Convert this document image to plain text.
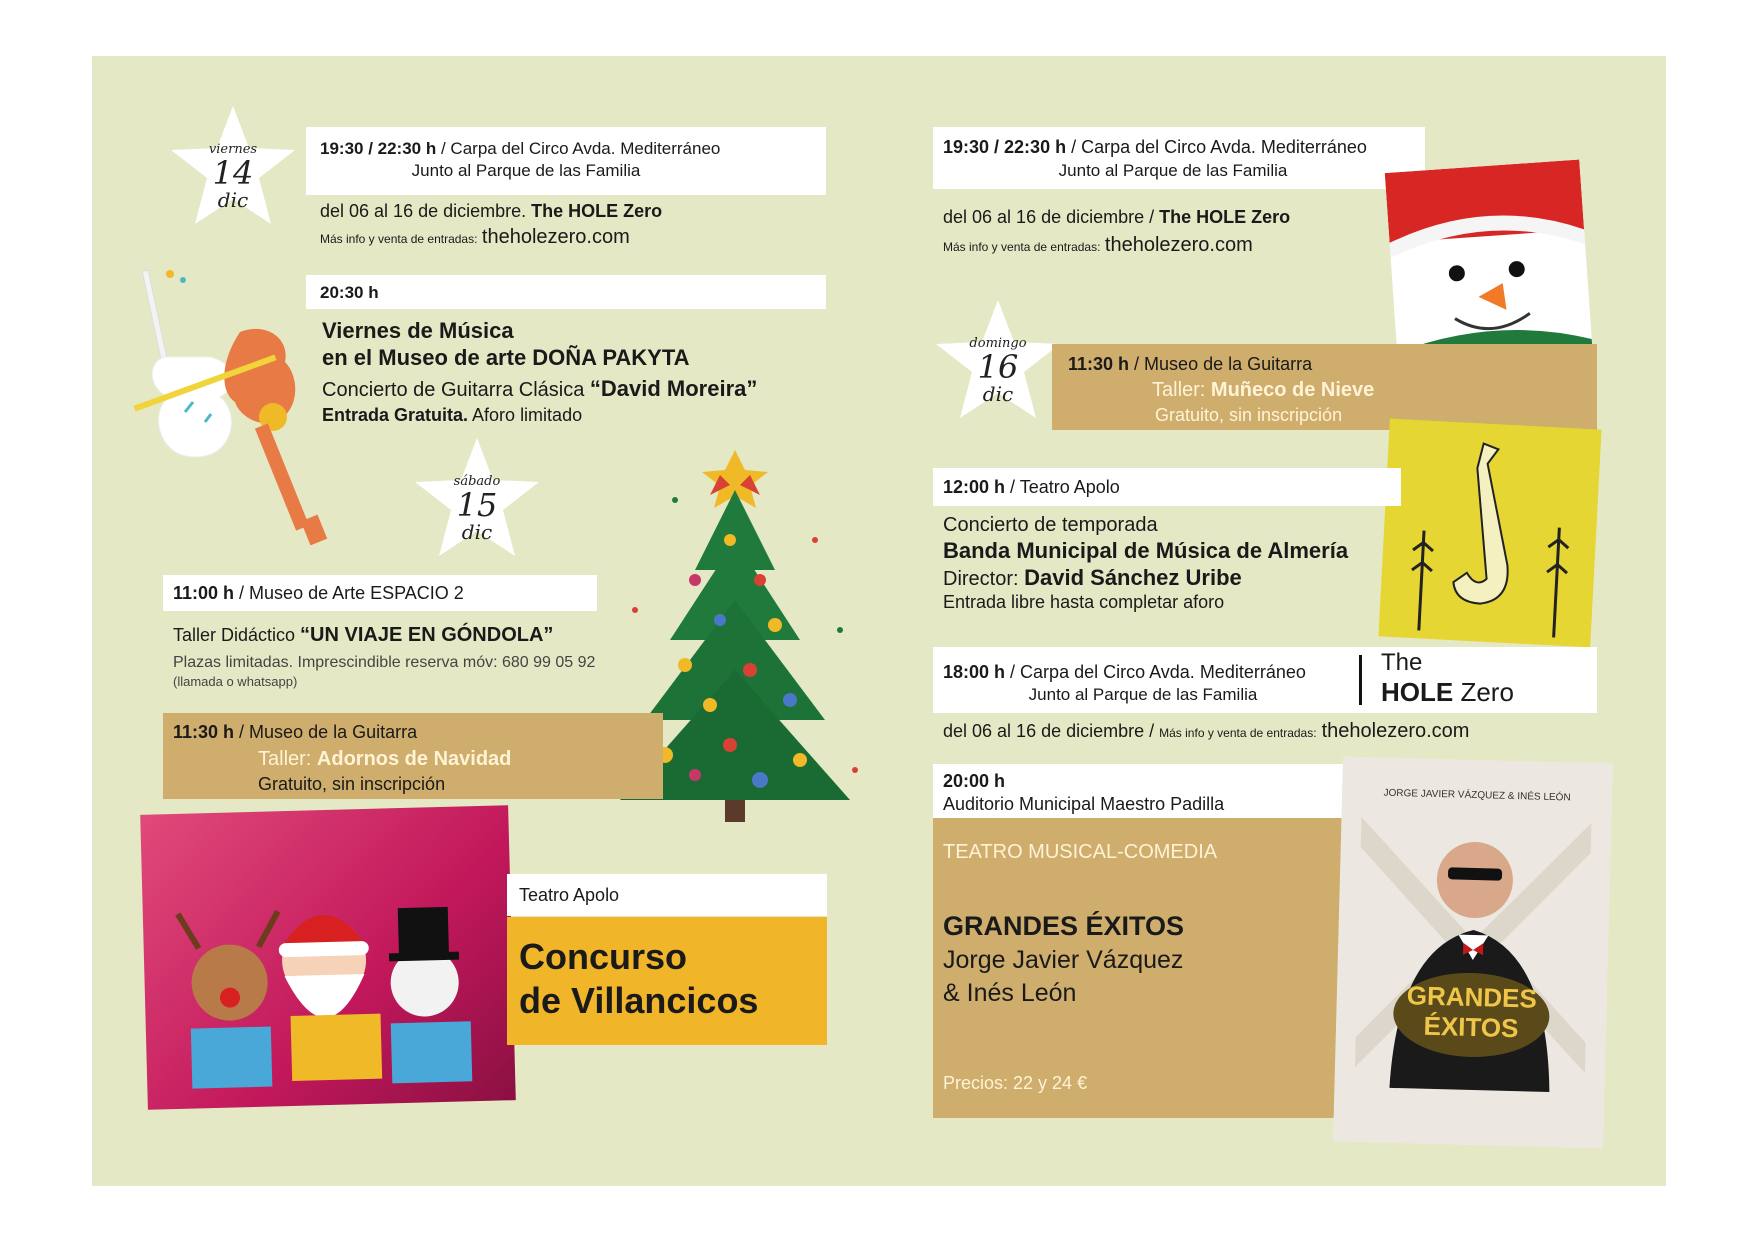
viernes
14
dic
19:30 / 22:30 h / Carpa del Circo Avda. Mediterráneo
Junto al Parque de las Familia
del 06 al 16 de diciembre. The HOLE Zero
Más info y venta de entradas: theholezero.com
20:30 h
Viernes de Música
en el Museo de arte DOÑA PAKYTA
Concierto de Guitarra Clásica “David Moreira”
Entrada Gratuita. Aforo limitado
sábado
15
dic
11:00 h / Museo de Arte ESPACIO 2
Taller Didáctico “UN VIAJE EN GÓNDOLA”
Plazas limitadas. Imprescindible reserva móv: 680 99 05 92
(llamada o whatsapp)
11:30 h / Museo de la Guitarra
Taller: Adornos de Navidad
Gratuito, sin inscripción
Teatro Apolo
Concurso
de Villancicos
19:30 / 22:30 h / Carpa del Circo Avda. Mediterráneo
Junto al Parque de las Familia
del 06 al 16 de diciembre / The HOLE Zero
Más info y venta de entradas: theholezero.com
domingo
16
dic
11:30 h / Museo de la Guitarra
Taller: Muñeco de Nieve
Gratuito, sin inscripción
12:00 h / Teatro Apolo
Concierto de temporada
Banda Municipal de Música de Almería
Director: David Sánchez Uribe
Entrada libre hasta completar aforo
18:00 h / Carpa del Circo Avda. Mediterráneo
Junto al Parque de las Familia
The
HOLE Zero
del 06 al 16 de diciembre / Más info y venta de entradas: theholezero.com
20:00 h
Auditorio Municipal Maestro Padilla
TEATRO MUSICAL-COMEDIA
GRANDES ÉXITOS
Jorge Javier Vázquez
& Inés León
Precios: 22 y 24 €
JORGE JAVIER VÁZQUEZ & INÉS LEÓN
GRANDES
ÉXITOS
